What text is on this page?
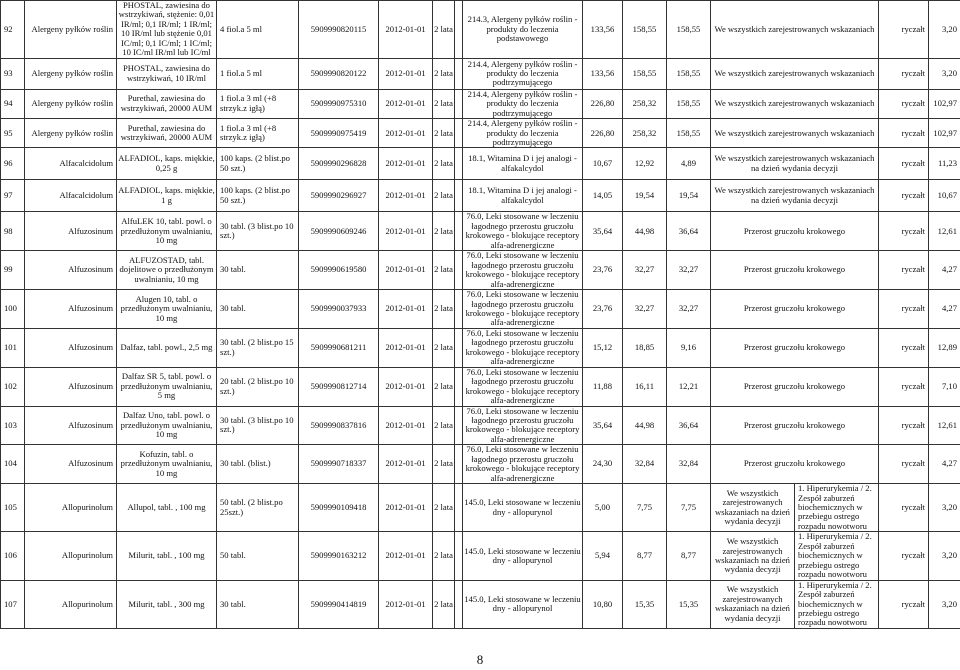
92	Alergeny pyłków roślin	PHOSTAL, zawiesina do wstrzykiwań, stężenie: 0,01 IR/ml; 0,1 IR/ml; 1 IR/ml; 10 IR/ml lub stężenie 0,01 IC/ml; 0,1 IC/ml; 1 IC/ml; 10 IC/ml IR/ml lub IC/ml	4 fiol.a 5 ml	5909990820115	2012-01-01	2 lata		214.3, Alergeny pyłków roślin - produkty do leczenia podstawowego	133,56	158,55	158,55	We wszystkich zarejestrowanych wskazaniach		ryczałt	3,20
93	Alergeny pyłków roślin	PHOSTAL, zawiesina do wstrzykiwań, 10 IR/ml	1 fiol.a 5 ml	5909990820122	2012-01-01	2 lata		214.4, Alergeny pyłków roślin - produkty do leczenia podtrzymującego	133,56	158,55	158,55	We wszystkich zarejestrowanych wskazaniach		ryczałt	3,20
94	Alergeny pyłków roślin	Purethal, zawiesina do wstrzykiwań, 20000 AUM	1 fiol.a 3 ml (+8 strzyk.z igłą)	5909990975310	2012-01-01	2 lata		214.4, Alergeny pyłków roślin - produkty do leczenia podtrzymującego	226,80	258,32	158,55	We wszystkich zarejestrowanych wskazaniach		ryczałt	102,97
95	Alergeny pyłków roślin	Purethal, zawiesina do wstrzykiwań, 20000 AUM	1 fiol.a 3 ml (+8 strzyk.z igłą)	5909990975419	2012-01-01	2 lata		214.4, Alergeny pyłków roślin - produkty do leczenia podtrzymującego	226,80	258,32	158,55	We wszystkich zarejestrowanych wskazaniach		ryczałt	102,97
96	Alfacalcidolum	ALFADIOL, kaps. miękkie, 0,25 g	100 kaps. (2 blist.po 50 szt.)	5909990296828	2012-01-01	2 lata		18.1, Witamina D i jej analogi - alfakalcydol	10,67	12,92	4,89	We wszystkich zarejestrowanych wskazaniach na dzień wydania decyzji		ryczałt	11,23
97	Alfacalcidolum	ALFADIOL, kaps. miękkie, 1 g	100 kaps. (2 blist.po 50 szt.)	5909990296927	2012-01-01	2 lata		18.1, Witamina D i jej analogi - alfakalcydol	14,05	19,54	19,54	We wszystkich zarejestrowanych wskazaniach na dzień wydania decyzji		ryczałt	10,67
98	Alfuzosinum	AlfuLEK 10, tabl. powl. o przedłużonym uwalnianiu, 10 mg	30 tabl. (3 blist.po 10 szt.)	5909990609246	2012-01-01	2 lata		76.0, Leki stosowane w leczeniu łagodnego przerostu gruczołu krokowego - blokujące receptory alfa-adrenergiczne	35,64	44,98	36,64	Przerost gruczołu krokowego		ryczałt	12,61
99	Alfuzosinum	ALFUZOSTAD, tabl. dojelitowe o przedłużonym uwalnianiu, 10 mg	30 tabl.	5909990619580	2012-01-01	2 lata		76.0, Leki stosowane w leczeniu łagodnego przerostu gruczołu krokowego - blokujące receptory alfa-adrenergiczne	23,76	32,27	32,27	Przerost gruczołu krokowego		ryczałt	4,27
100	Alfuzosinum	Alugen 10, tabl. o przedłużonym uwalnianiu, 10 mg	30 tabl.	5909990037933	2012-01-01	2 lata		76.0, Leki stosowane w leczeniu łagodnego przerostu gruczołu krokowego - blokujące receptory alfa-adrenergiczne	23,76	32,27	32,27	Przerost gruczołu krokowego		ryczałt	4,27
101	Alfuzosinum	Dalfaz, tabl. powl., 2,5 mg	30 tabl. (2 blist.po 15 szt.)	5909990681211	2012-01-01	2 lata		76.0, Leki stosowane w leczeniu łagodnego przerostu gruczołu krokowego - blokujące receptory alfa-adrenergiczne	15,12	18,85	9,16	Przerost gruczołu krokowego		ryczałt	12,89
102	Alfuzosinum	Dalfaz SR 5, tabl. powl. o przedłużonym uwalnianiu, 5 mg	20 tabl. (2 blist.po 10 szt.)	5909990812714	2012-01-01	2 lata		76.0, Leki stosowane w leczeniu łagodnego przerostu gruczołu krokowego - blokujące receptory alfa-adrenergiczne	11,88	16,11	12,21	Przerost gruczołu krokowego		ryczałt	7,10
103	Alfuzosinum	Dalfaz Uno, tabl. powl. o przedłużonym uwalnianiu, 10 mg	30 tabl. (3 blist.po 10 szt.)	5909990837816	2012-01-01	2 lata		76.0, Leki stosowane w leczeniu łagodnego przerostu gruczołu krokowego - blokujące receptory alfa-adrenergiczne	35,64	44,98	36,64	Przerost gruczołu krokowego		ryczałt	12,61
104	Alfuzosinum	Kofuzin, tabl. o przedłużonym uwalnianiu, 10 mg	30 tabl. (blist.)	5909990718337	2012-01-01	2 lata		76.0, Leki stosowane w leczeniu łagodnego przerostu gruczołu krokowego - blokujące receptory alfa-adrenergiczne	24,30	32,84	32,84	Przerost gruczołu krokowego		ryczałt	4,27
105	Allopurinolum	Allupol, tabl. , 100 mg	50 tabl. (2 blist.po 25szt.)	5909990109418	2012-01-01	2 lata		145.0, Leki stosowane w leczeniu dny - allopurynol	5,00	7,75	7,75	We wszystkich zarejestrowanych wskazaniach na dzień wydania decyzji	1. Hiperurykemia / 2. Zespół zaburzeń biochemicznych w przebiegu ostrego rozpadu nowotworu	ryczałt	3,20
106	Allopurinolum	Milurit, tabl. , 100 mg	50 tabl.	5909990163212	2012-01-01	2 lata		145.0, Leki stosowane w leczeniu dny - allopurynol	5,94	8,77	8,77	We wszystkich zarejestrowanych wskazaniach na dzień wydania decyzji	1. Hiperurykemia / 2. Zespół zaburzeń biochemicznych w przebiegu ostrego rozpadu nowotworu	ryczałt	3,20
107	Allopurinolum	Milurit, tabl. , 300 mg	30 tabl.	5909990414819	2012-01-01	2 lata		145.0, Leki stosowane w leczeniu dny - allopurynol	10,80	15,35	15,35	We wszystkich zarejestrowanych wskazaniach na dzień wydania decyzji	1. Hiperurykemia / 2. Zespół zaburzeń biochemicznych w przebiegu ostrego rozpadu nowotworu	ryczałt	3,20
8
